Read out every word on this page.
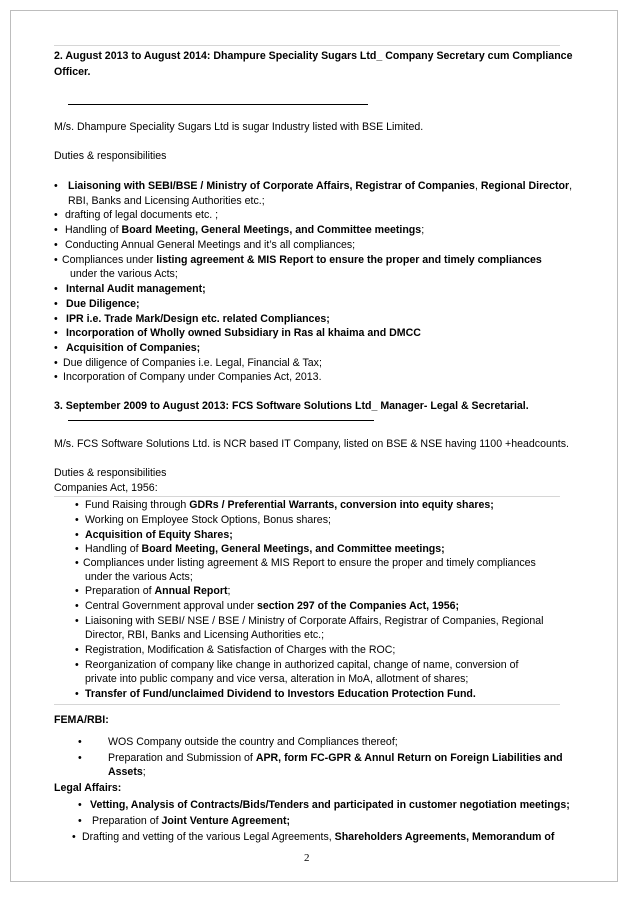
2. August 2013 to August 2014: Dhampure Speciality Sugars Ltd_ Company Secretary cum Compliance
Officer.
M/s. Dhampure Speciality Sugars Ltd is sugar Industry listed with BSE Limited.
Duties & responsibilities
• Liaisoning with SEBI/BSE / Ministry of Corporate Affairs, Registrar of Companies, Regional Director,
RBI, Banks and Licensing Authorities etc.;
• drafting of legal documents etc. ;
• Handling of Board Meeting, General Meetings, and Committee meetings;
• Conducting Annual General Meetings and it’s all compliances;
• Compliances under listing agreement & MIS Report to ensure the proper and timely compliances
under the various Acts;
• Internal Audit management;
• Due Diligence;
• IPR i.e. Trade Mark/Design etc. related Compliances;
• Incorporation of Wholly owned Subsidiary in Ras al khaima and DMCC
• Acquisition of Companies;
• Due diligence of Companies i.e. Legal, Financial & Tax;
• Incorporation of Company under Companies Act, 2013.
3. September 2009 to August 2013: FCS Software Solutions Ltd_ Manager- Legal & Secretarial.
M/s. FCS Software Solutions Ltd. is NCR based IT Company, listed on BSE & NSE having 1100 +headcounts.
Duties & responsibilities
Companies Act, 1956:
• Fund Raising through GDRs / Preferential Warrants, conversion into equity shares;
• Working on Employee Stock Options, Bonus shares;
• Acquisition of Equity Shares;
• Handling of Board Meeting, General Meetings, and Committee meetings;
• Compliances under listing agreement & MIS Report to ensure the proper and timely compliances
under the various Acts;
• Preparation of Annual Report;
• Central Government approval under section 297 of the Companies Act, 1956;
• Liaisoning with SEBI/ NSE / BSE / Ministry of Corporate Affairs, Registrar of Companies, Regional
Director, RBI, Banks and Licensing Authorities etc.;
• Registration, Modification & Satisfaction of Charges with the ROC;
• Reorganization of company like change in authorized capital, change of name, conversion of
private into public company and vice versa, alteration in MoA, allotment of shares;
• Transfer of Fund/unclaimed Dividend to Investors Education Protection Fund.
FEMA/RBI:
• WOS Company outside the country and Compliances thereof;
• Preparation and Submission of APR, form FC-GPR & Annul Return on Foreign Liabilities and
Assets;
Legal Affairs:
• Vetting, Analysis of Contracts/Bids/Tenders and participated in customer negotiation meetings;
• Preparation of Joint Venture Agreement;
• Drafting and vetting of the various Legal Agreements, Shareholders Agreements, Memorandum of
2
